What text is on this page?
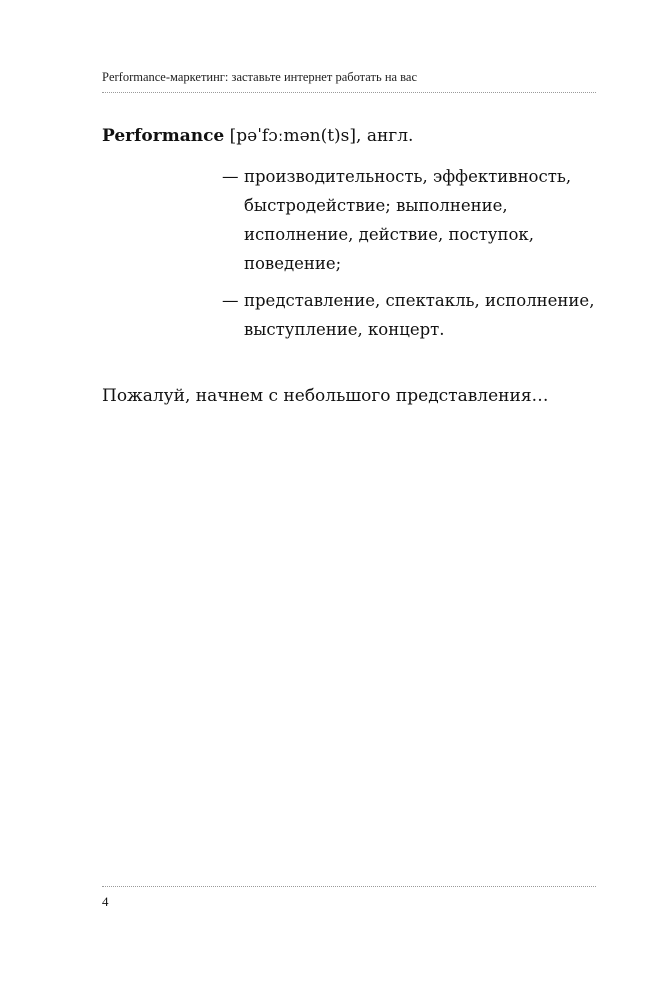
Performance-маркетинг: заставьте интернет работать на вас
Performance [pəˈfɔːmən(t)s], англ.
— производительность, эффективность, быстродействие; выполнение, исполнение, действие, поступок, поведение;
— представление, спектакль, исполнение, выступление, концерт.
Пожалуй, начнем с небольшого представления…
4
